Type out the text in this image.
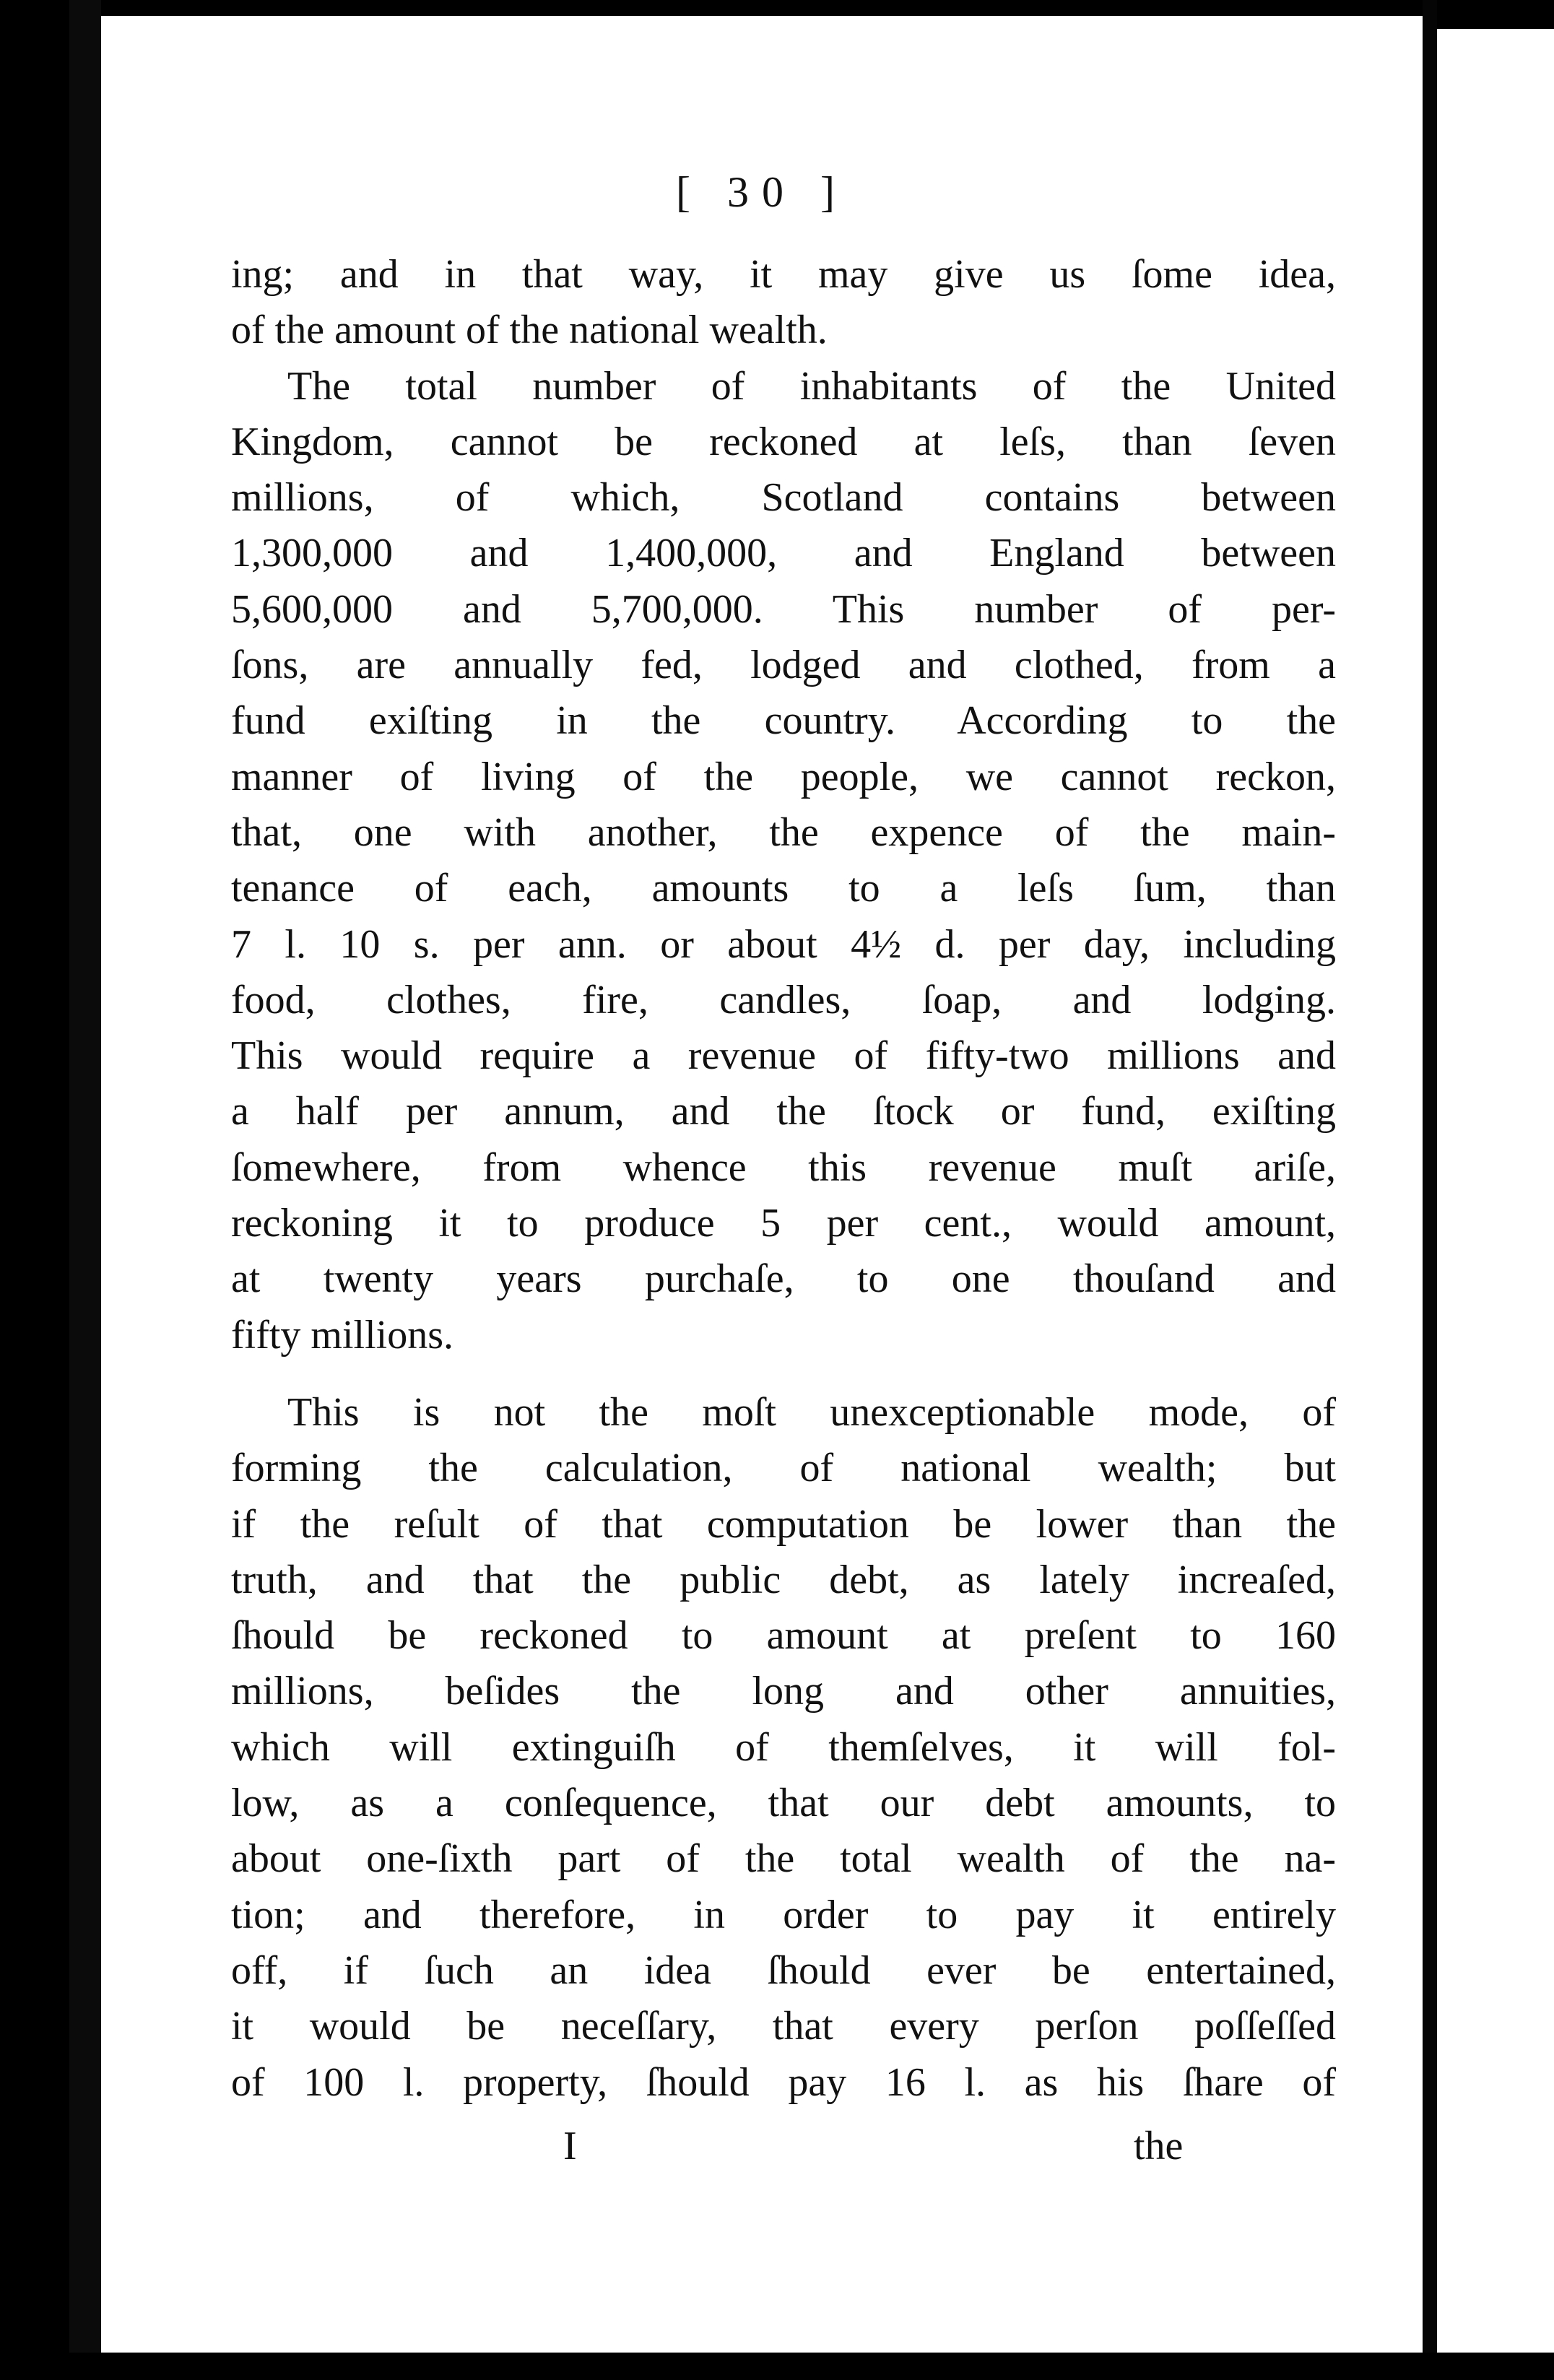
[ 30 ]
ing; and in that way, it may give us ſome idea,
of the amount of the national wealth.
The total number of inhabitants of the United
Kingdom, cannot be reckoned at leſs, than ſeven
millions, of which, Scotland contains between
1,300,000 and 1,400,000, and England between
5,600,000 and 5,700,000. This number of per-
ſons, are annually fed, lodged and clothed, from a
fund exiſting in the country. According to the
manner of living of the people, we cannot reckon,
that, one with another, the expence of the main-
tenance of each, amounts to a leſs ſum, than
7 l. 10 s. per ann. or about 4½ d. per day, including
food, clothes, fire, candles, ſoap, and lodging.
This would require a revenue of fifty-two millions and
a half per annum, and the ſtock or fund, exiſting
ſomewhere, from whence this revenue muſt ariſe,
reckoning it to produce 5 per cent., would amount,
at twenty years purchaſe, to one thouſand and
fifty millions.
This is not the moſt unexceptionable mode, of
forming the calculation, of national wealth; but
if the reſult of that computation be lower than the
truth, and that the public debt, as lately increaſed,
ſhould be reckoned to amount at preſent to 160
millions, beſides the long and other annuities,
which will extinguiſh of themſelves, it will fol-
low, as a conſequence, that our debt amounts, to
about one-ſixth part of the total wealth of the na-
tion; and therefore, in order to pay it entirely
off, if ſuch an idea ſhould ever be entertained,
it would be neceſſary, that every perſon poſſeſſed
of 100 l. property, ſhould pay 16 l. as his ſhare of
I	the
